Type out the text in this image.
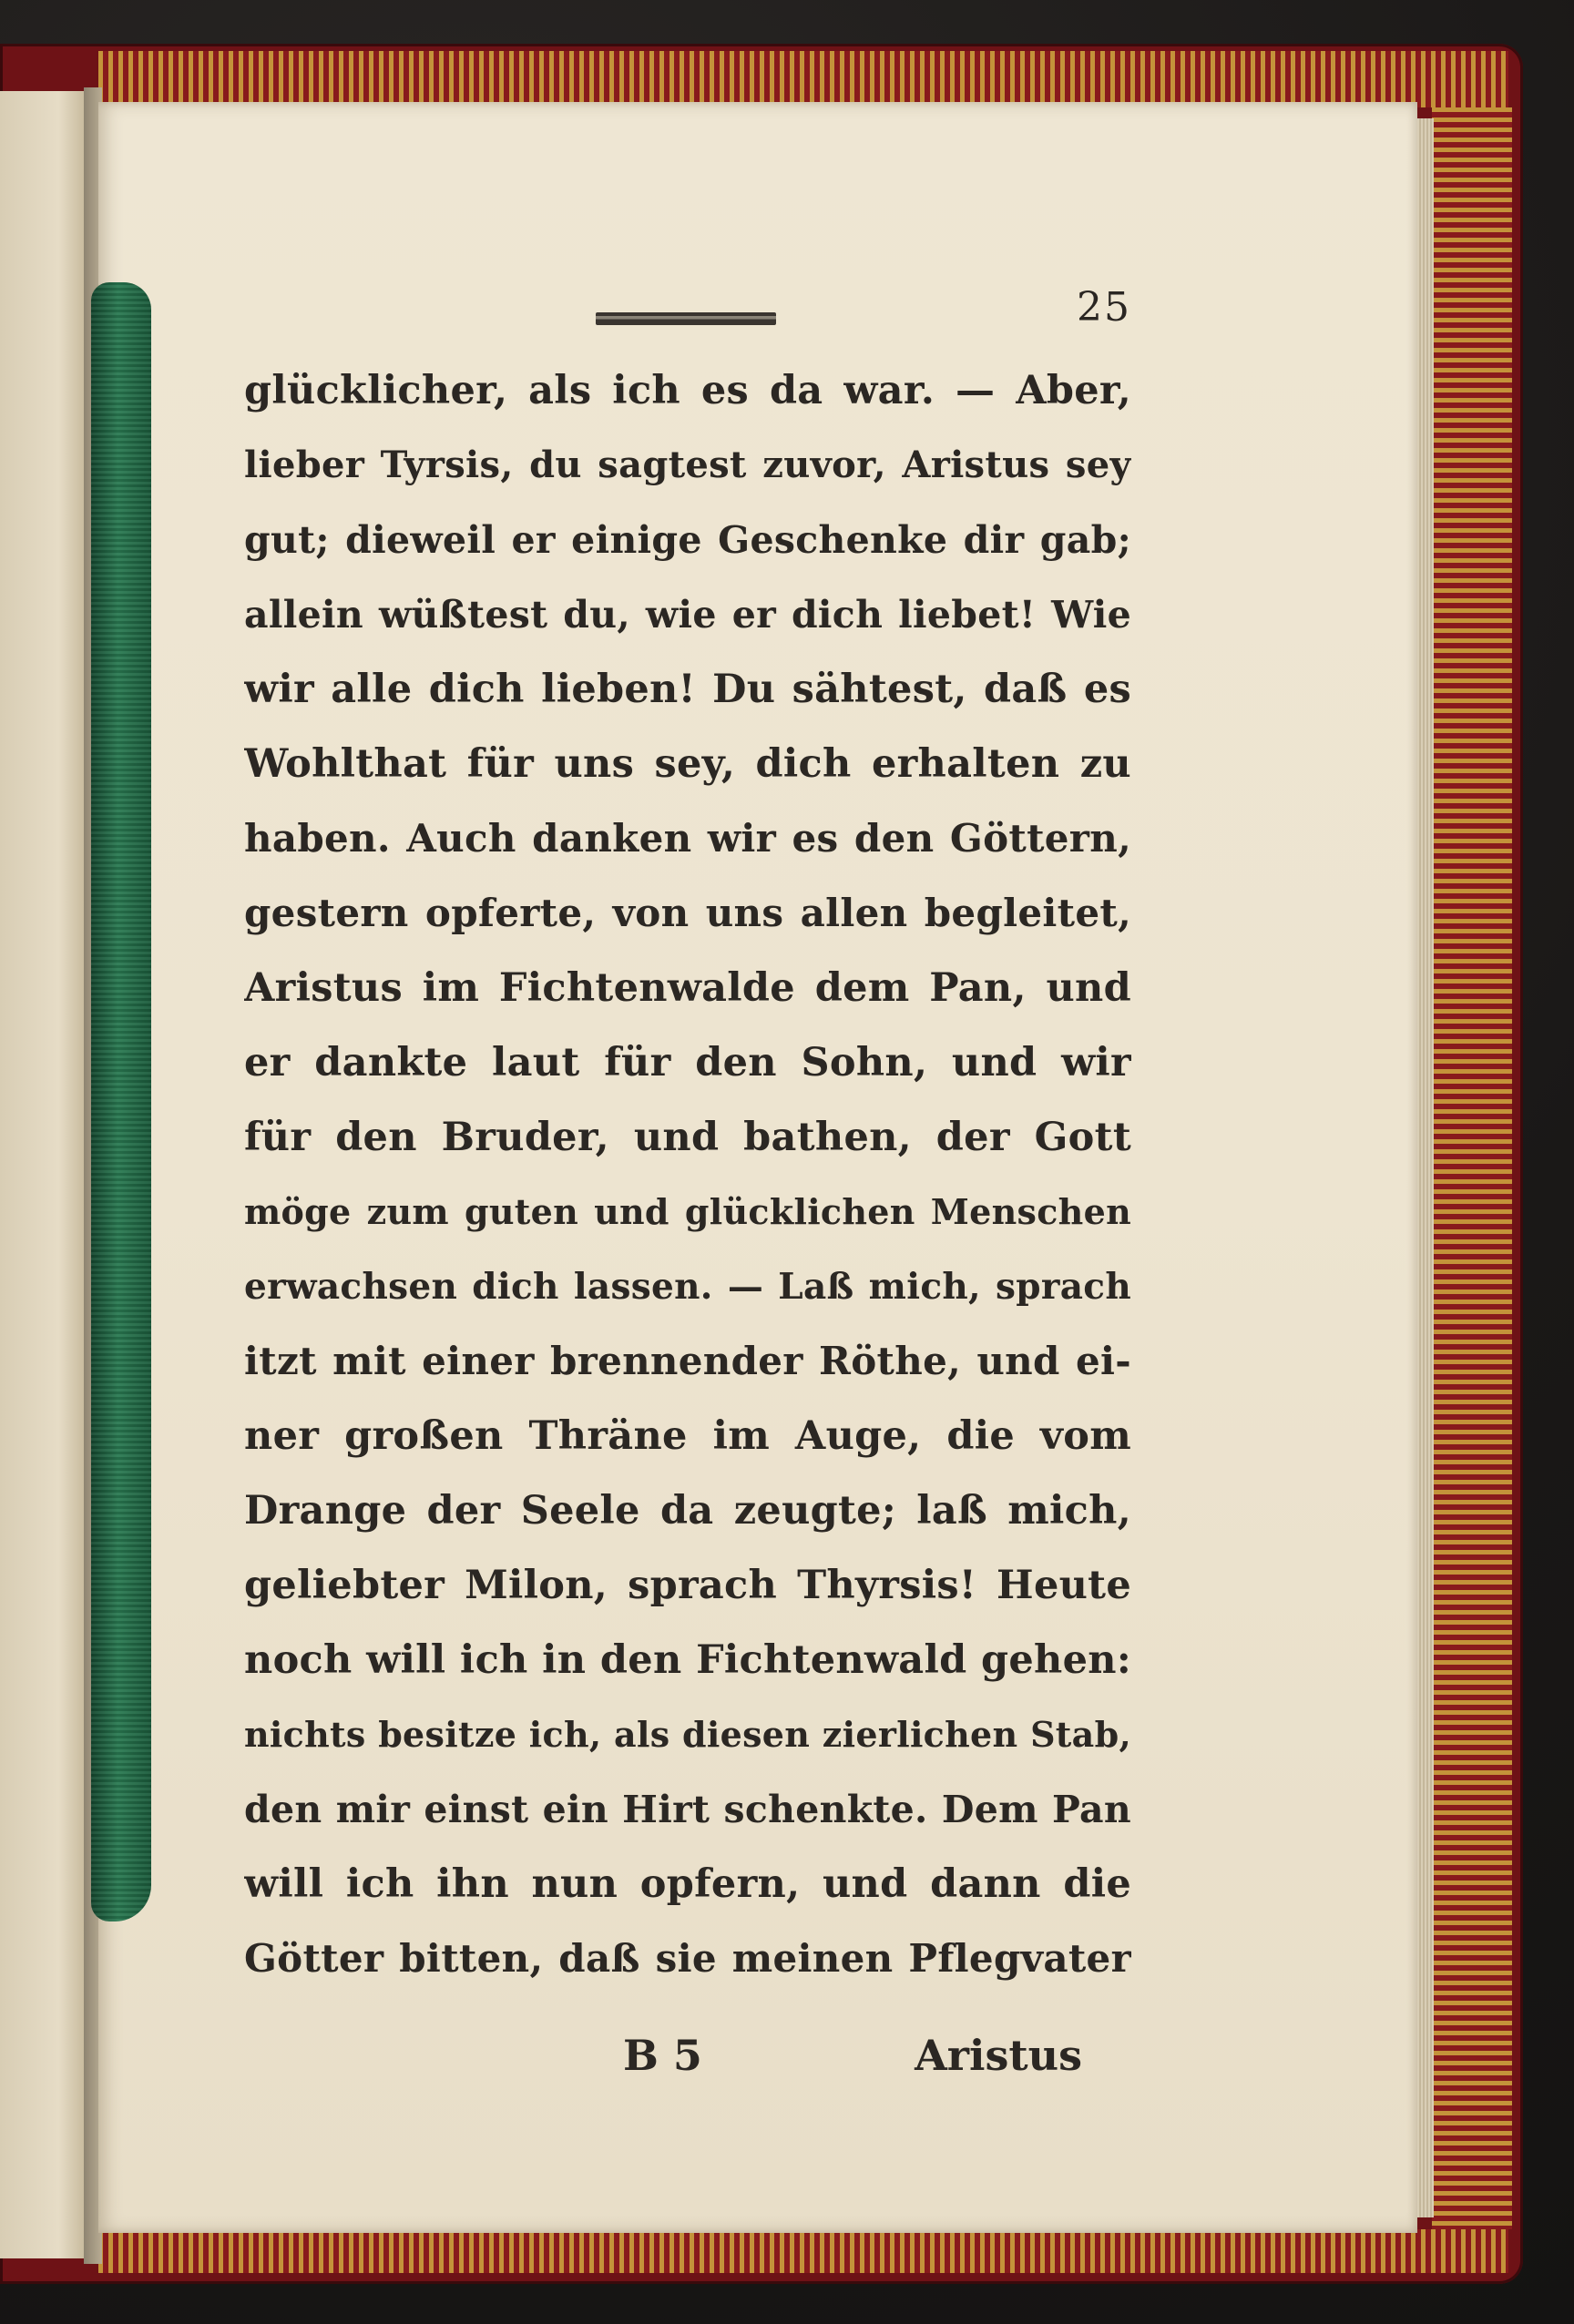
25
glücklicher, als ich es da war. — Aber,
lieber Tyrsis, du sagtest zuvor, Aristus sey
gut; dieweil er einige Geschenke dir gab;
allein wüßtest du, wie er dich liebet! Wie
wir alle dich lieben! Du sähtest, daß es
Wohlthat für uns sey, dich erhalten zu
haben. Auch danken wir es den Göttern,
gestern opferte, von uns allen begleitet,
Aristus im Fichtenwalde dem Pan, und
er dankte laut für den Sohn, und wir
für den Bruder, und bathen, der Gott
möge zum guten und glücklichen Menschen
erwachsen dich lassen. — Laß mich, sprach
itzt mit einer brennender Röthe, und ei-
ner großen Thräne im Auge, die vom
Drange der Seele da zeugte; laß mich,
geliebter Milon, sprach Thyrsis! Heute
noch will ich in den Fichtenwald gehen:
nichts besitze ich, als diesen zierlichen Stab,
den mir einst ein Hirt schenkte. Dem Pan
will ich ihn nun opfern, und dann die
Götter bitten, daß sie meinen Pflegvater
B 5	Aristus
